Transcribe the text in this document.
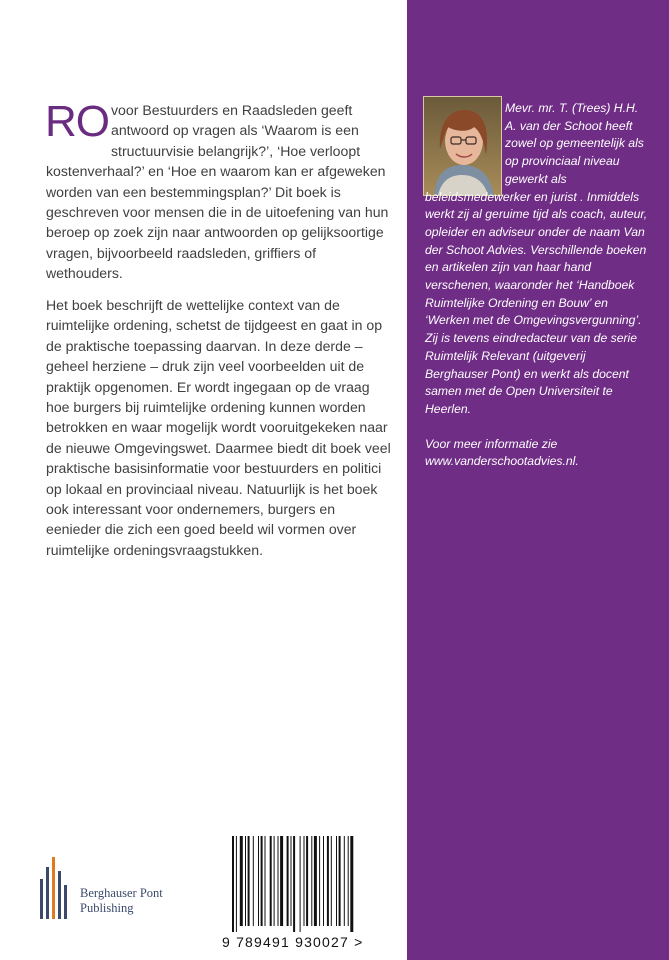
RO voor Bestuurders en Raadsleden geeft antwoord op vragen als ‘Waarom is een structuurvisie belangrijk?’, ‘Hoe verloopt kostenverhaal?’ en ‘Hoe en waarom kan er afgeweken worden van een bestemmingsplan?’ Dit boek is geschreven voor mensen die in de uitoefening van hun beroep op zoek zijn naar antwoorden op gelijksoortige vragen, bijvoorbeeld raadsleden, griffiers of wethouders.
Het boek beschrijft de wettelijke context van de ruimtelijke ordening, schetst de tijdgeest en gaat in op de praktische toepassing daarvan. In deze derde – geheel herziene – druk zijn veel voorbeelden uit de praktijk opgenomen. Er wordt ingegaan op de vraag hoe burgers bij ruimtelijke ordening kunnen worden betrokken en waar mogelijk wordt vooruitgekeken naar de nieuwe Omgevingswet. Daarmee biedt dit boek veel praktische basisinformatie voor bestuurders en politici op lokaal en provinciaal niveau. Natuurlijk is het boek ook interessant voor ondernemers, burgers en eenieder die zich een goed beeld wil vormen over ruimtelijke ordeningsvraagstukken.
Berghauser Pont
Publishing
9 789491 930027 >

Mevr. mr. T. (Trees) H.H. A. van der Schoot heeft zowel op gemeentelijk als op provinciaal niveau gewerkt als beleidsmedewerker en jurist . Inmiddels werkt zij al geruime tijd als coach, auteur, opleider en adviseur onder de naam Van der Schoot Advies. Verschillende boeken en artikelen zijn van haar hand verschenen, waaronder het ‘Handboek Ruimtelijke Ordening en Bouw’ en ‘Werken met de Omgevingsvergunning’. Zij is tevens eindredacteur van de serie Ruimtelijk Relevant (uitgeverij Berghauser Pont) en werkt als docent samen met de Open Universiteit te Heerlen.

Voor meer informatie zie www.vanderschootadvies.nl.
